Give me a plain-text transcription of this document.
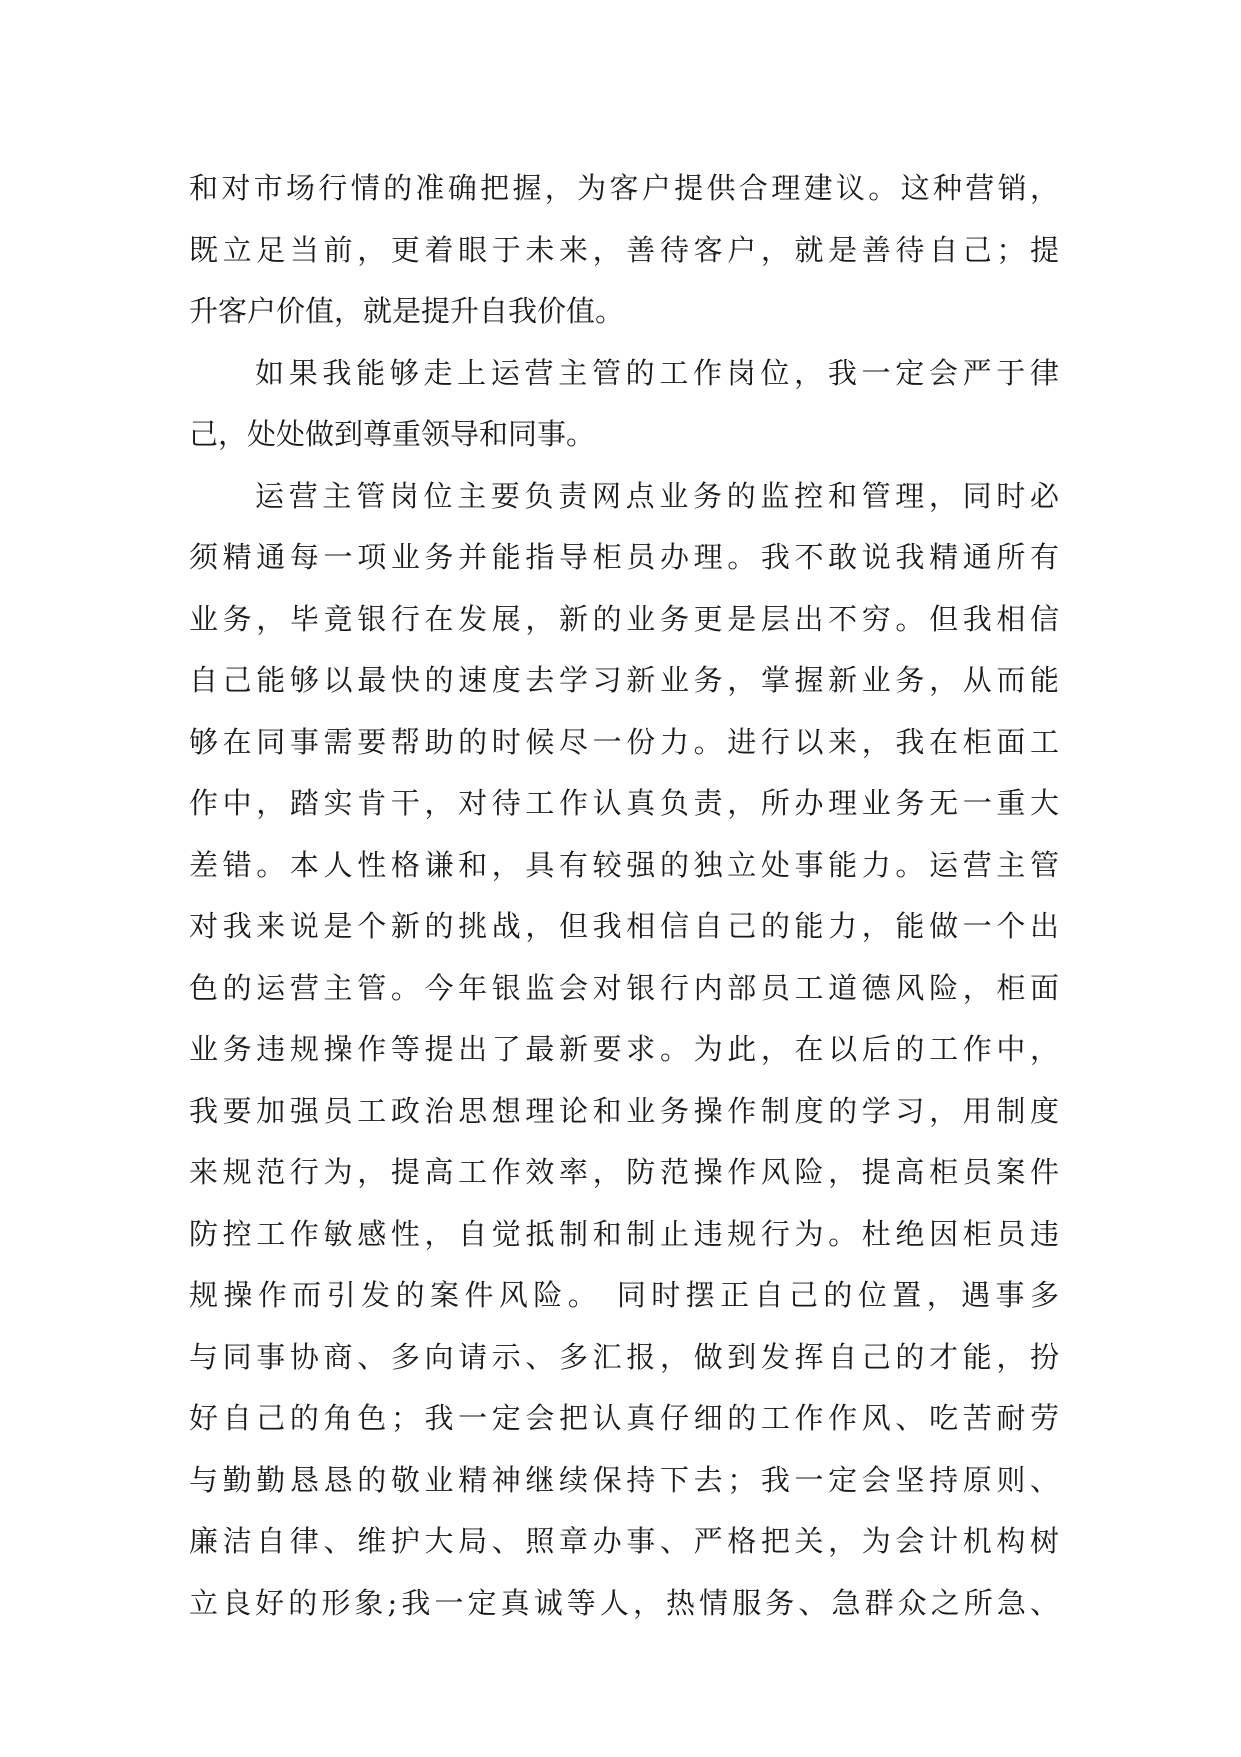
和对市场行情的准确把握，为客户提供合理建议。这种营销，
既立足当前，更着眼于未来，善待客户，就是善待自己；提
升客户价值，就是提升自我价值。
如果我能够走上运营主管的工作岗位，我一定会严于律
己，处处做到尊重领导和同事。
运营主管岗位主要负责网点业务的监控和管理，同时必
须精通每一项业务并能指导柜员办理。我不敢说我精通所有
业务，毕竟银行在发展，新的业务更是层出不穷。但我相信
自己能够以最快的速度去学习新业务，掌握新业务，从而能
够在同事需要帮助的时候尽一份力。进行以来，我在柜面工
作中，踏实肯干，对待工作认真负责，所办理业务无一重大
差错。本人性格谦和，具有较强的独立处事能力。运营主管
对我来说是个新的挑战，但我相信自己的能力，能做一个出
色的运营主管。今年银监会对银行内部员工道德风险，柜面
业务违规操作等提出了最新要求。为此，在以后的工作中，
我要加强员工政治思想理论和业务操作制度的学习，用制度
来规范行为，提高工作效率，防范操作风险，提高柜员案件
防控工作敏感性，自觉抵制和制止违规行为。杜绝因柜员违
规操作而引发的案件风险。 同时摆正自己的位置，遇事多
与同事协商、多向请示、多汇报，做到发挥自己的才能，扮
好自己的角色；我一定会把认真仔细的工作作风、吃苦耐劳
与勤勤恳恳的敬业精神继续保持下去；我一定会坚持原则、
廉洁自律、维护大局、照章办事、严格把关，为会计机构树
立良好的形象;我一定真诚等人，热情服务、急群众之所急、
